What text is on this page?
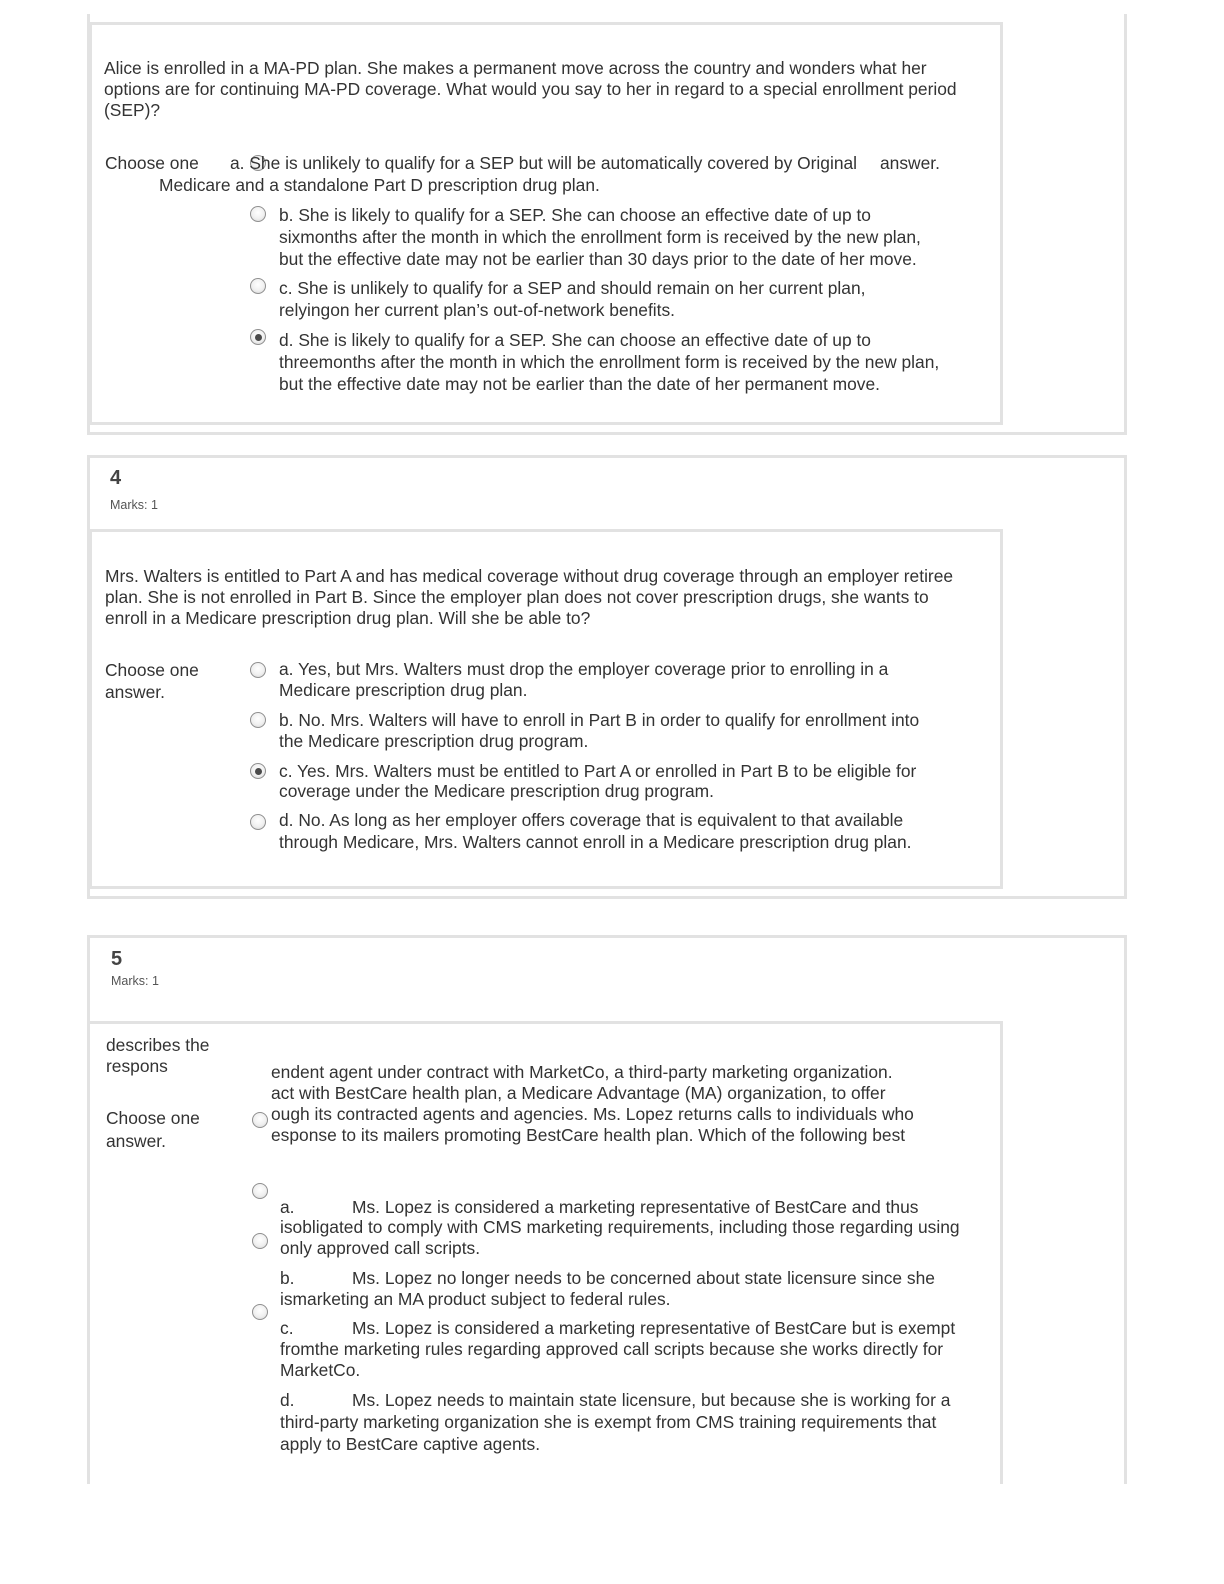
Alice is enrolled in a MA-PD plan. She makes a permanent move across the country and wonders what her
options are for continuing MA-PD coverage. What would you say to her in regard to a special enrollment period
(SEP)?
Choose one a. She is unlikely to qualify for a SEP but will be automatically covered by Original answer.
Medicare and a standalone Part D prescription drug plan.
b. She is likely to qualify for a SEP. She can choose an effective date of up to
sixmonths after the month in which the enrollment form is received by the new plan,
but the effective date may not be earlier than 30 days prior to the date of her move.
c. She is unlikely to qualify for a SEP and should remain on her current plan,
relyingon her current plan’s out-of-network benefits.
d. She is likely to qualify for a SEP. She can choose an effective date of up to
threemonths after the month in which the enrollment form is received by the new plan,
but the effective date may not be earlier than the date of her permanent move.
4
Marks: 1
Mrs. Walters is entitled to Part A and has medical coverage without drug coverage through an employer retiree
plan. She is not enrolled in Part B. Since the employer plan does not cover prescription drugs, she wants to
enroll in a Medicare prescription drug plan. Will she be able to?
Choose one
answer.
a. Yes, but Mrs. Walters must drop the employer coverage prior to enrolling in a
Medicare prescription drug plan.
b. No. Mrs. Walters will have to enroll in Part B in order to qualify for enrollment into
the Medicare prescription drug program.
c. Yes. Mrs. Walters must be entitled to Part A or enrolled in Part B to be eligible for
coverage under the Medicare prescription drug program.
d. No. As long as her employer offers coverage that is equivalent to that available
through Medicare, Mrs. Walters cannot enroll in a Medicare prescription drug plan.
5
Marks: 1
describes the
respons
Choose one
answer.
endent agent under contract with MarketCo, a third-party marketing organization.
act with BestCare health plan, a Medicare Advantage (MA) organization, to offer
ough its contracted agents and agencies. Ms. Lopez returns calls to individuals who
esponse to its mailers promoting BestCare health plan. Which of the following best
a.	Ms. Lopez is considered a marketing representative of BestCare and thus
isobligated to comply with CMS marketing requirements, including those regarding using
only approved call scripts.
b.	Ms. Lopez no longer needs to be concerned about state licensure since she
ismarketing an MA product subject to federal rules.
c.	Ms. Lopez is considered a marketing representative of BestCare but is exempt
fromthe marketing rules regarding approved call scripts because she works directly for
MarketCo.
d.	Ms. Lopez needs to maintain state licensure, but because she is working for a
third-party marketing organization she is exempt from CMS training requirements that
apply to BestCare captive agents.
